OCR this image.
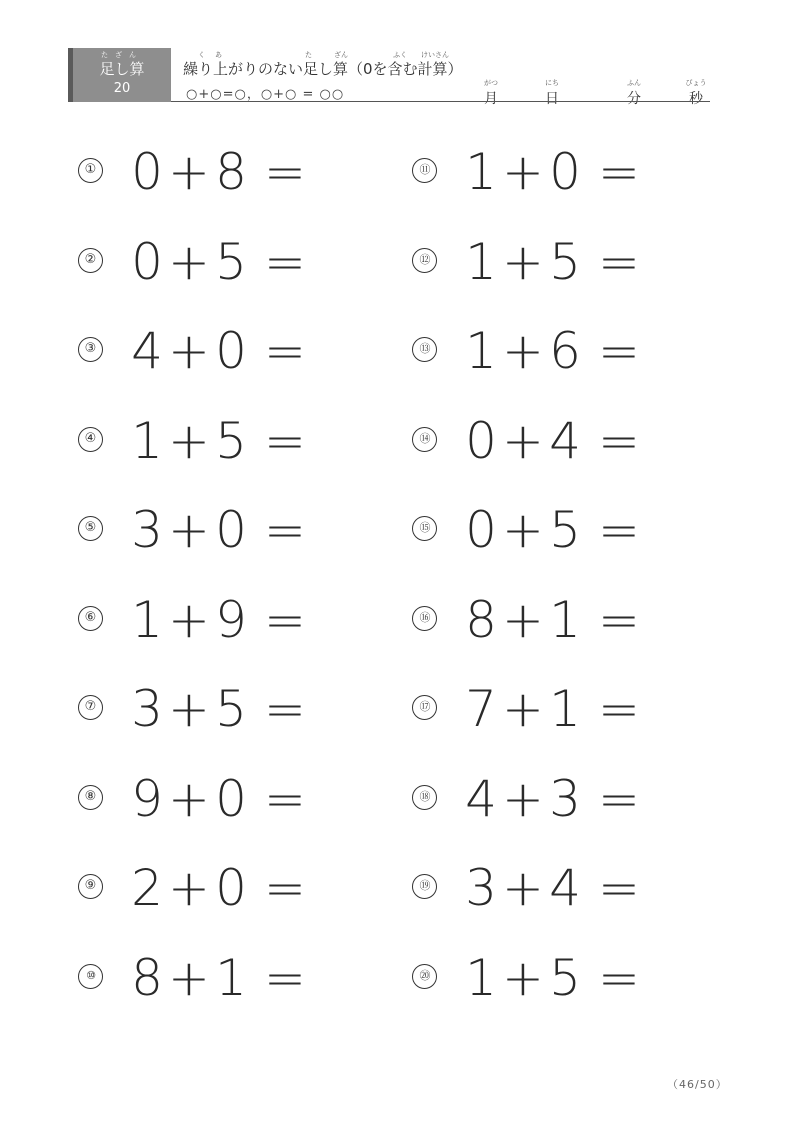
たざん
足し算
20
く あ	た	ざん	ふく けいさん
繰り上がりのない足し算（0を含む計算）
○+○=○，○+○ = ○○
がつ
月
にち
日
ふん
分
びょう
秒
① 0 + 8 =
② 0 + 5 =
③ 4 + 0 =
④ 1 + 5 =
⑤ 3 + 0 =
⑥ 1 + 9 =
⑦ 3 + 5 =
⑧ 9 + 0 =
⑨ 2 + 0 =
⑩ 8 + 1 =
⑪ 1 + 0 =
⑫ 1 + 5 =
⑬ 1 + 6 =
⑭ 0 + 4 =
⑮ 0 + 5 =
⑯ 8 + 1 =
⑰ 7 + 1 =
⑱ 4 + 3 =
⑲ 3 + 4 =
⑳ 1 + 5 =
（46/50）
